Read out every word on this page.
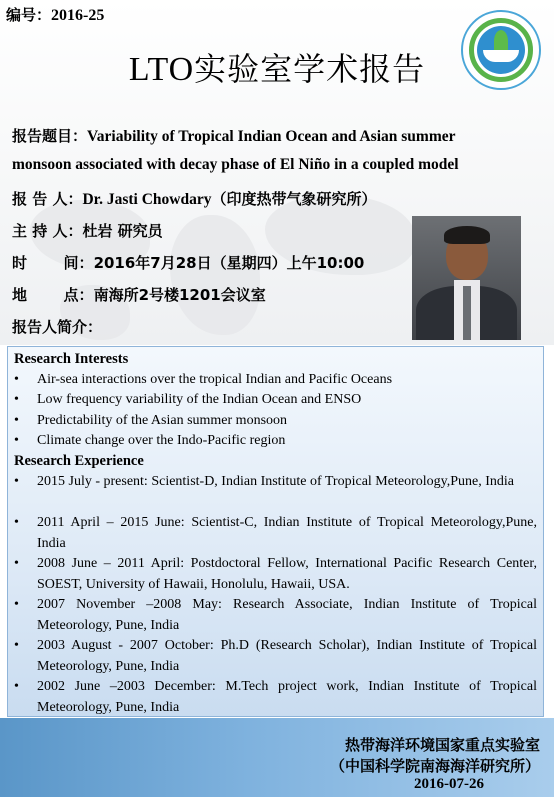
编号：2016-25
LTO实验室学术报告
报告题目：Variability of Tropical Indian Ocean and Asian summer
monsoon associated with decay phase of El Niño in a coupled model
报 告 人：Dr. Jasti Chowdary（印度热带气象研究所）
主 持 人：杜岩 研究员
时       间：2016年7月28日（星期四）上午10:00
地       点：南海所2号楼1201会议室
报告人简介：
Research Interests
• Air-sea interactions over the tropical Indian and Pacific Oceans
• Low frequency variability of the Indian Ocean and ENSO
• Predictability of the Asian summer monsoon
• Climate change over the Indo-Pacific region
Research Experience
• 2015 July - present: Scientist-D, Indian Institute of Tropical Meteorology,Pune, India
• 2011 April – 2015 June: Scientist-C, Indian Institute of Tropical Meteorology,Pune, India
• 2008 June – 2011 April: Postdoctoral Fellow, International Pacific Research Center, SOEST, University of Hawaii, Honolulu, Hawaii, USA.
• 2007 November –2008 May: Research Associate, Indian Institute of Tropical Meteorology, Pune, India
• 2003 August - 2007 October: Ph.D (Research Scholar), Indian Institute of Tropical Meteorology, Pune, India
• 2002 June –2003 December: M.Tech project work, Indian Institute of Tropical Meteorology, Pune, India
热带海洋环境国家重点实验室
（中国科学院南海海洋研究所）
2016-07-26
